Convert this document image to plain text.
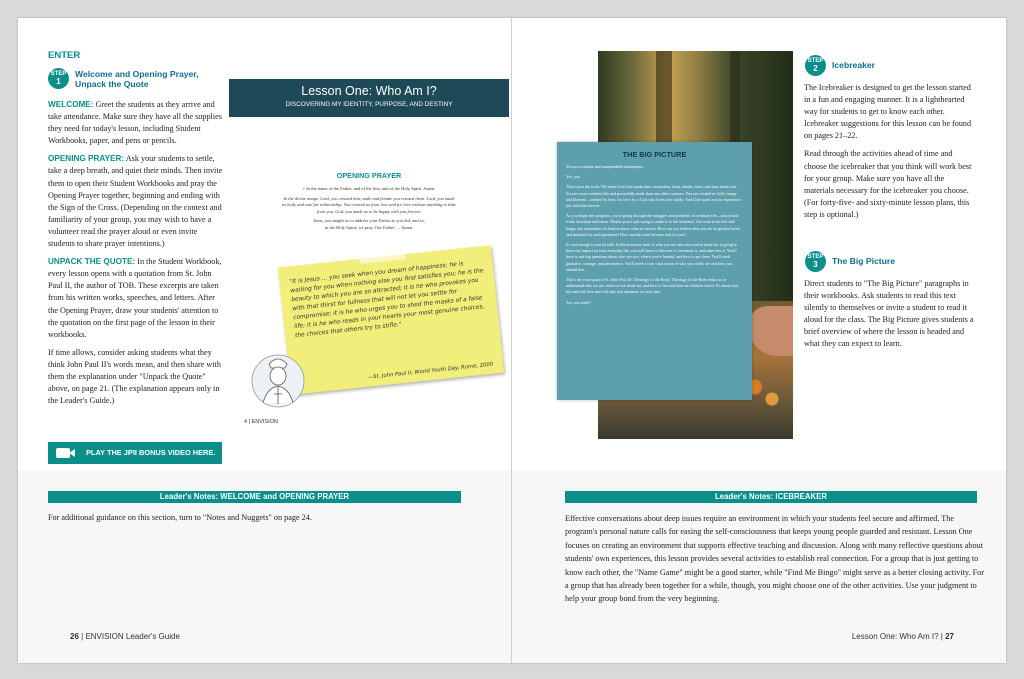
ENTER
STEP
1
Welcome and Opening Prayer, Unpack the Quote

WELCOME: Greet the students as they arrive and take attendance. Make sure they have all the supplies they need for today's lesson, including Student Workbooks, paper, and pens or pencils.

OPENING PRAYER: Ask your students to settle, take a deep breath, and quiet their minds. Then invite them to open their Student Workbooks and pray the Opening Prayer together, beginning and ending with the Sign of the Cross. (Depending on the context and familiarity of your group, you may wish to have a volunteer read the prayer aloud or even invite students to share prayer intentions.)

UNPACK THE QUOTE: In the Student Workbook, every lesson opens with a quotation from St. John Paul II, the author of TOB. These excerpts are taken from his written works, speeches, and letters. After the Opening Prayer, draw your students' attention to the quotation on the first page of the lesson in their workbooks.

If time allows, consider asking students what they think John Paul II's words mean, and then share with them the explanation under "Unpack the Quote" above, on page 21. (The explanation appears only in the Leader's Guide.)

PLAY THE JPII BONUS VIDEO HERE.
Lesson One: Who Am I?
DISCOVERING MY IDENTITY, PURPOSE, AND DESTINY
OPENING PRAYER
+ In the name of the Father, and of the Son, and of the Holy Spirit. Amen.
In the divine image, Lord, you created him; male and female you created them. Lord, you made us body and soul for relationship. You created us from love and for love without anything to hide from you. God, you made us to be happy with you forever.
Jesus, you taught us to address your Father as you did, and so,
in the Holy Spirit, we pray, Our Father .... Amen.
"It is Jesus ... you seek when you dream of happiness; he is waiting for you when nothing else you find satisfies you; he is the beauty to which you are so attracted; it is he who provokes you with that thirst for fullness that will not let you settle for compromise; it is he who urges you to shed the masks of a false life; it is he who reads in your hearts your most genuine choices, the choices that others try to stifle."
—St. John Paul II, World Youth Day, Rome, 2000
4 | ENVISION
THE BIG PICTURE

You are a unique and unrepeatable masterpiece.

Yes, you.

This is just the truth. The same God who made stars, mountains, lions, sharks, trees, and stars made you. You are more wonderfully and powerfully made than any other creature. You are created in God's image and likeness—created by love, for love, by a God who loves you wildly. And God wants you to experience joy with him forever.

As you begin this program, you're going through the struggles and problems of ordinary life—school and work, boredom and stress. Maybe you're just trying to make it to the weekend. You want to be free and happy, but sometimes it's hard to know what to choose. How can you believe that you are so greatly loved and destined for such greatness? How can this truth become real for you?

It's not enough to just be told. If this awesome truth of who you are and what you're made for is going to have any impact on your everyday life, you will have to discover it, encounter it, and enter into it. You'll have to ask big questions about who you are, where you're headed, and how to get there. You'll need guidance, courage, and persistence. You'll need a true, total vision of who you really are and how you should live.

That's the exact goal of St. John Paul II's Theology of the Body. Theology of the Body helps us to understand who we are, what we are made for, and how to live and love in a broken world. It's about real life and real love and will take real openness on your part.

Are you ready?

STEP
2	Icebreaker

The Icebreaker is designed to get the lesson started in a fun and engaging manner. It is a lighthearted way for students to get to know each other. Icebreaker suggestions for this lesson can be found on pages 21–22.

Read through the activities ahead of time and choose the icebreaker that you think will work best for your group. Make sure you have all the materials necessary for the icebreaker you choose. (For forty-five- and sixty-minute lesson plans, this step is optional.)

STEP
3	The Big Picture

Direct students to "The Big Picture" paragraphs in their workbooks. Ask students to read this text silently to themselves or invite a student to read it aloud for the class. The Big Picture gives students a brief overview of where the lesson is headed and what they can expect to learn.

Leader's Notes: WELCOME and OPENING PRAYER
For additional guidance on this section, turn to "Notes and Nuggets" on page 24.
Leader's Notes: ICEBREAKER
Effective conversations about deep issues require an environment in which your students feel secure and affirmed. The program's personal nature calls for easing the self-consciousness that keeps young people guarded and resistant. Lesson One focuses on creating an environment that supports effective teaching and discussion. Along with many reflective questions about students' own experiences, this lesson provides several activities to establish real connection. For a group that is just getting to know each other, the "Name Game" might be a good starter, while "Find Me Bingo" might serve as a better closing activity. For a group that has already been together for a while, though, you might choose one of the other activities. Use your judgment to help your group bond from the very beginning.
26 | ENVISION Leader's Guide	Lesson One: Who Am I? | 27
